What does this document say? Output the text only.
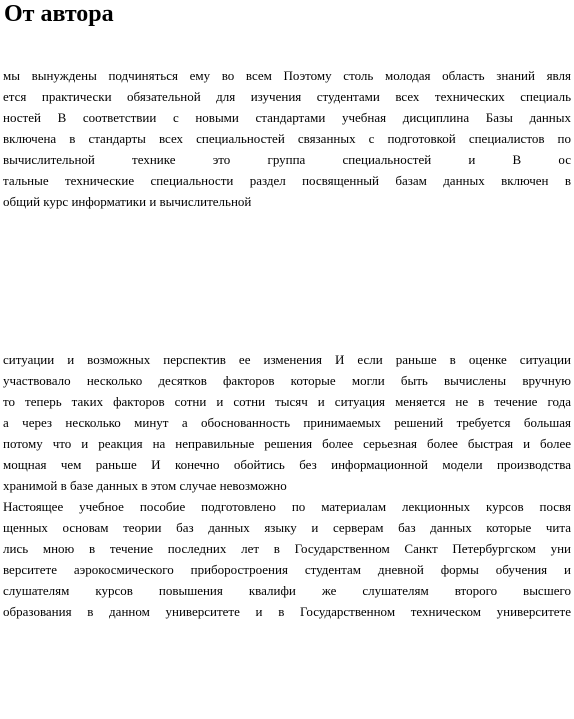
От автора
мы вынуждены подчиняться ему во всем Поэтому столь молодая область знаний явля
ется практически обязательной для изучения студентами всех технических специаль
ностей В соответствии с новыми стандартами учебная дисциплина Базы данных
включена в стандарты всех специальностей связанных с подготовкой специалистов по
вычислительной технике это группа специальностей и В ос
тальные технические специальности раздел посвященный базам данных включен в
общий курс информатики и вычислительной
ситуации и возможных перспектив ее изменения И если раньше в оценке ситуации
участвовало несколько десятков факторов которые могли быть вычислены вручную
то теперь таких факторов сотни и сотни тысяч и ситуация меняется не в течение года
а через несколько минут а обоснованность принимаемых решений требуется большая
потому что и реакция на неправильные решения более серьезная более быстрая и более
мощная чем раньше И конечно обойтись без информационной модели производства
хранимой в базе данных в этом случае невозможно
Настоящее учебное пособие подготовлено по материалам лекционных курсов посвя
щенных основам теории баз данных языку и серверам баз данных которые чита
лись мною в течение последних лет в Государственном Санкт Петербургском уни
верситете аэрокосмического приборостроения студентам дневной формы обучения и
слушателям курсов повышения квалифи же слушателям второго высшего
образования в данном университете и в Государственном техническом университете
